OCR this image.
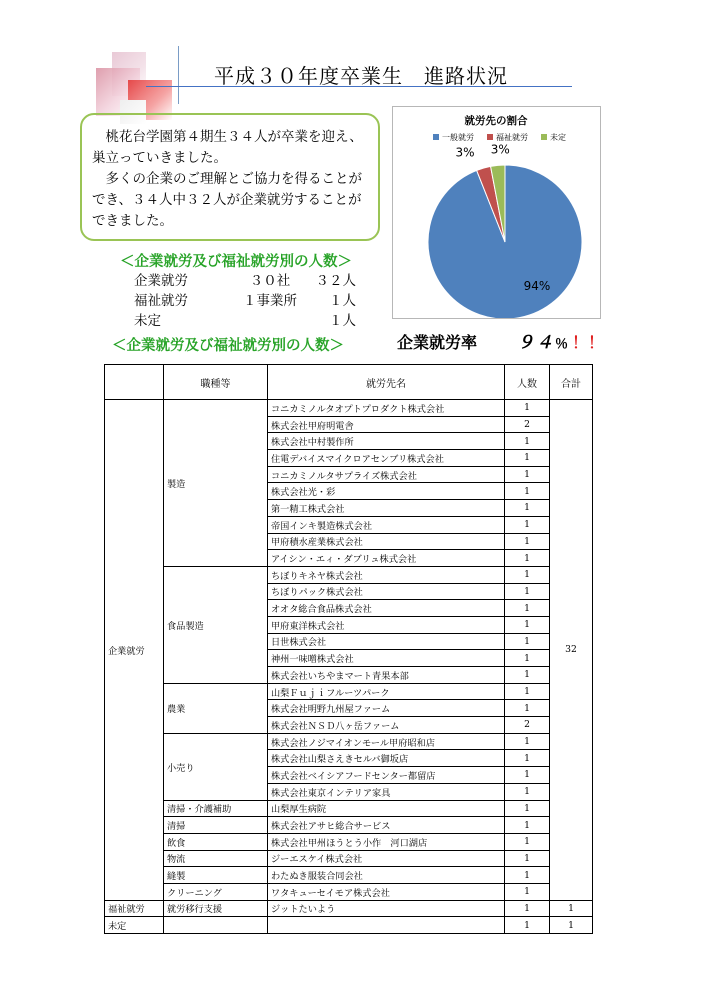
平成３０年度卒業生　進路状況

桃花台学園第４期生３４人が卒業を迎え、巣立っていきました。

多くの企業のご理解とご協力を得ることができ、３４人中３２人が企業就労することができました。

＜企業就労及び福祉就労別の人数＞
企業就労	３０社	３２人
福祉就労	１事業所	１人
未定	１人
＜企業就労及び福祉就労別の人数＞
就労先の割合
一般就労	福祉就労	未定
94%
3% 3%
企業就労率 ９４ ％ ！！
	職種等	就労先名	人数	合計
企業就労	製造	コニカミノルタオプトプロダクト株式会社	1	32
		株式会社甲府明電舎	2	
		株式会社中村製作所	1	
		住電デバイスマイクロアセンブリ株式会社	1	
		コニカミノルタサプライズ株式会社	1	
		株式会社光・彩	1	
		第一精工株式会社	1	
		帝国インキ製造株式会社	1	
		甲府積水産業株式会社	1	
		アイシン・エィ・ダブリュ株式会社	1	
	食品製造	ちぼりキネヤ株式会社	1	
		ちぼりパック株式会社	1	
		オオタ総合食品株式会社	1	
		甲府東洋株式会社	1	
		日世株式会社	1	
		神州一味噌株式会社	1	
		株式会社いちやまマート青果本部	1	
	農業	山梨Ｆｕｊｉフルーツパーク	1	
		株式会社明野九州屋ファーム	1	
		株式会社ＮＳＤ八ヶ岳ファーム	2	
	小売り	株式会社ノジマイオンモール甲府昭和店	1	
		株式会社山梨さえきセルバ御坂店	1	
		株式会社ベイシアフードセンター都留店	1	
		株式会社東京インテリア家具	1	
	清掃・介護補助	山梨厚生病院	1	
	清掃	株式会社アサヒ総合サービス	1	
	飲食	株式会社甲州ほうとう小作　河口湖店	1	
	物流	ジーエスケイ株式会社	1	
	縫製	わたぬき服装合同会社	1	
	クリーニング	ワタキューセイモア株式会社	1	
福祉就労	就労移行支援	ジットたいよう	1	1
未定			1	1
